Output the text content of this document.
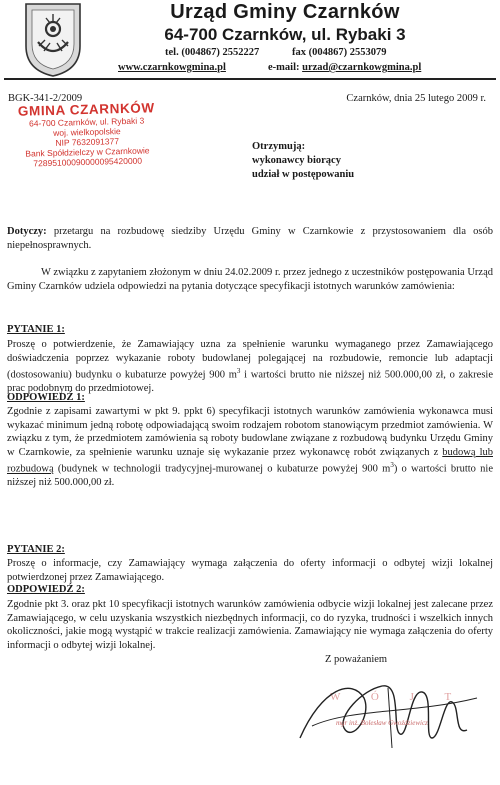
Urząd Gminy Czarnków
64-700 Czarnków, ul. Rybaki 3
tel. (004867) 2552227	fax (004867) 2553079
www.czarnkowgmina.pl	e-mail: urzad@czarnkowgmina.pl
BGK-341-2/2009	Czarnków, dnia 25 lutego 2009 r.
GMINA CZARNKÓW
64-700 Czarnków, ul. Rybaki 3
woj. wielkopolskie
NIP 7632091377
Bank Spółdzielczy w Czarnkowie
72895100090000095420000
Otrzymują:
wykonawcy biorący
udział w postępowaniu
Dotyczy: przetargu na rozbudowę siedziby Urzędu Gminy w Czarnkowie z przystosowaniem dla osób niepełnosprawnych.
W związku z zapytaniem złożonym w dniu 24.02.2009 r. przez jednego z uczestników postępowania Urząd Gminy Czarnków udziela odpowiedzi na pytania dotyczące specyfikacji istotnych warunków zamówienia:
PYTANIE 1:
Proszę o potwierdzenie, że Zamawiający uzna za spełnienie warunku wymaganego przez Zamawiającego doświadczenia poprzez wykazanie roboty budowlanej polegającej na rozbudowie, remoncie lub adaptacji (dostosowaniu) budynku o kubaturze powyżej 900 $m^3$ i wartości brutto nie niższej niż 500.000,00 zł, o zakresie prac podobnym do przedmiotowej.
ODPOWIEDŹ 1:
Zgodnie z zapisami zawartymi w pkt 9. ppkt 6) specyfikacji istotnych warunków zamówienia wykonawca musi wykazać minimum jedną robotę odpowiadającą swoim rodzajem robotom stanowiącym przedmiot zamówienia. W związku z tym, że przedmiotem zamówienia są roboty budowlane związane z rozbudową budynku Urzędu Gminy w Czarnkowie, za spełnienie warunku uznaje się wykazanie przez wykonawcę robót związanych z budową lub rozbudową (budynek w technologii tradycyjnej-murowanej o kubaturze powyżej 900 $m^3$) o wartości brutto nie niższej niż 500.000,00 zł.
PYTANIE 2:
Proszę o informacje, czy Zamawiający wymaga załączenia do oferty informacji o odbytej wizji lokalnej potwierdzonej przez Zamawiającego.
ODPOWIEDŹ 2:
Zgodnie pkt 3. oraz pkt 10 specyfikacji istotnych warunków zamówienia odbycie wizji lokalnej jest zalecane przez Zamawiającego, w celu uzyskania wszystkich niezbędnych informacji, co do ryzyka, trudności i wszelkich innych okoliczności, jakie mogą wystąpić w trakcie realizacji zamówienia. Zamawiający nie wymaga załączenia do oferty informacji o odbytej wizji lokalnej.
Z poważaniem
W Ó J T
mgr inż. Bolesław Gwoździewicz
